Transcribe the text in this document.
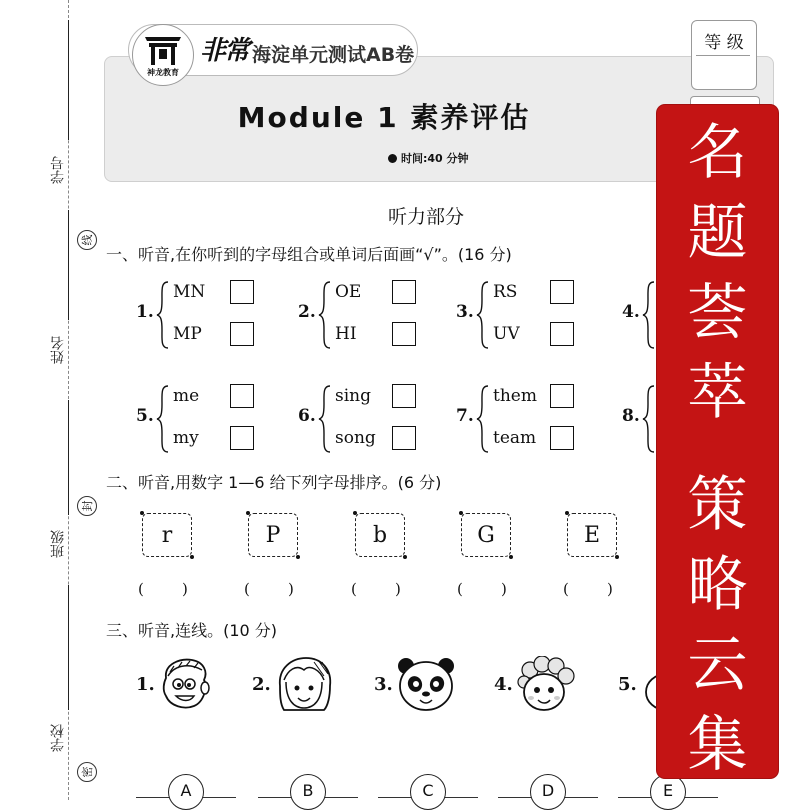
学号
姓名
班级
学校
线
封
密
神龙教育
非常 海淀单元测试AB卷
等 级
Module 1 素养评估
时间:40 分钟
听力部分
一、听音,在你听到的字母组合或单词后面画“√”。(16 分)
1.
MN
MP
2.
OE
HI
3.
RS
UV
4.
5.
me
my
6.
sing
song
7.
them
team
8.
二、听音,用数字 1—6 给下列字母排序。(6 分)
r
(        )
P
(        )
b
(        )
G
(        )
E
(        )
三、听音,连线。(10 分)
1.	2.	3.	4.	5.
A	B	C	D	E
名
题
荟
萃
策
略
云
集
